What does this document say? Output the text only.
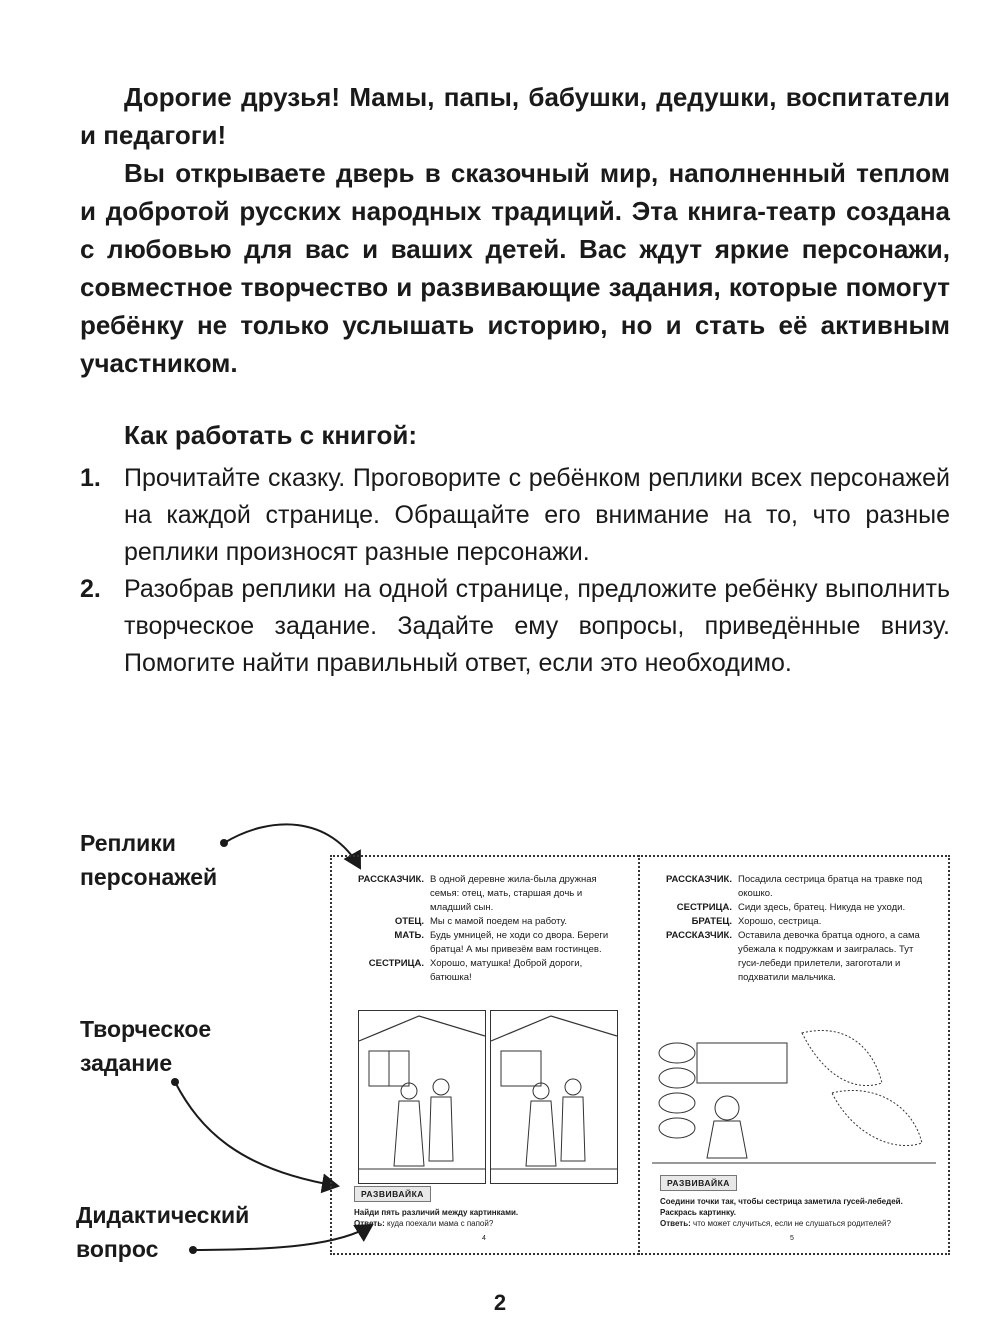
Дорогие друзья! Мамы, папы, бабушки, дедушки, воспитатели и педагоги!

Вы открываете дверь в сказочный мир, наполненный теплом и добротой русских народных традиций. Эта книга-театр создана с любовью для вас и ваших детей. Вас ждут яркие персонажи, совместное творчество и развивающие задания, которые помогут ребёнку не только услышать историю, но и стать её активным участником.

Как работать с книгой:
1. Прочитайте сказку. Проговорите с ребёнком реплики всех персонажей на каждой странице. Обращайте его внимание на то, что разные реплики произносят разные персонажи.
2. Разобрав реплики на одной странице, предложите ребёнку выполнить творческое задание. Задайте ему вопросы, приведённые внизу. Помогите найти правильный ответ, если это необходимо.
Реплики
персонажей
Творческое
задание
Дидактический
вопрос
РАССКАЗЧИК. В одной деревне жила-была дружная семья: отец, мать, старшая дочь и младший сын.
ОТЕЦ. Мы с мамой поедем на работу.
МАТЬ. Будь умницей, не ходи со двора. Береги братца! А мы привезём вам гостинцев.
СЕСТРИЦА. Хорошо, матушка! Доброй дороги, батюшка!
РАЗВИВАЙКА
Найди пять различий между картинками.
Ответь: куда поехали мама с папой?
4
РАССКАЗЧИК. Посадила сестрица братца на травке под окошко.
СЕСТРИЦА. Сиди здесь, братец. Никуда не уходи.
БРАТЕЦ. Хорошо, сестрица.
РАССКАЗЧИК. Оставила девочка братца одного, а сама убежала к подружкам и заигралась. Тут гуси-лебеди прилетели, загоготали и подхватили мальчика.
РАЗВИВАЙКА
Соедини точки так, чтобы сестрица заметила гусей-лебедей. Раскрась картинку.
Ответь: что может случиться, если не слушаться родителей?
5
2
